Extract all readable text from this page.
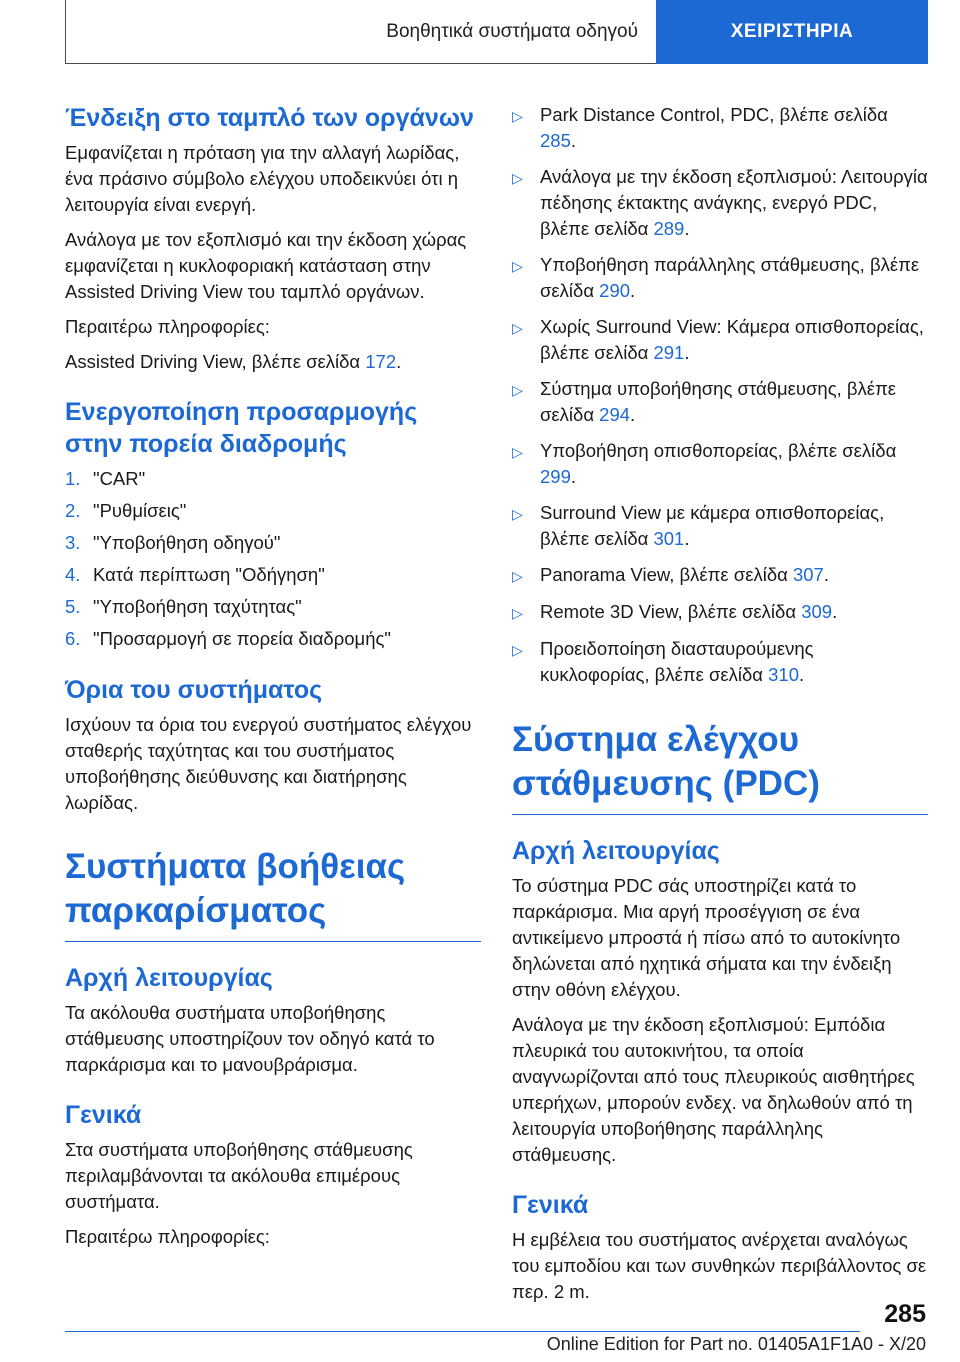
Βοηθητικά συστήματα οδηγού	ΧΕΙΡΙΣΤΗΡΙΑ
Ένδειξη στο ταμπλό των οργάνων

Εμφανίζεται η πρόταση για την αλλαγή λωρίδας, ένα πράσινο σύμβολο ελέγχου υποδεικνύει ότι η λειτουργία είναι ενεργή.

Ανάλογα με τον εξοπλισμό και την έκδοση χώρας εμφανίζεται η κυκλοφοριακή κατάσταση στην Assisted Driving View του ταμπλό οργάνων.

Περαιτέρω πληροφορίες:

Assisted Driving View, βλέπε σελίδα 172.

Ενεργοποίηση προσαρμογής στην πορεία διαδρομής
1. "CAR"
2. "Ρυθμίσεις"
3. "Υποβοήθηση οδηγού"
4. Κατά περίπτωση "Οδήγηση"
5. "Υποβοήθηση ταχύτητας"
6. "Προσαρμογή σε πορεία διαδρομής"
Όρια του συστήματος

Ισχύουν τα όρια του ενεργού συστήματος ελέγχου σταθερής ταχύτητας και του συστήματος υποβοήθησης διεύθυνσης και διατήρησης λωρίδας.

Συστήματα βοήθειας παρκαρίσματος
Αρχή λειτουργίας

Τα ακόλουθα συστήματα υποβοήθησης στάθμευσης υποστηρίζουν τον οδηγό κατά το παρκάρισμα και το μανουβράρισμα.

Γενικά

Στα συστήματα υποβοήθησης στάθμευσης περιλαμβάνονται τα ακόλουθα επιμέρους συστήματα.

Περαιτέρω πληροφορίες:

▷ Park Distance Control, PDC, βλέπε σελίδα 285.
▷ Ανάλογα με την έκδοση εξοπλισμού: Λειτουργία πέδησης έκτακτης ανάγκης, ενεργό PDC, βλέπε σελίδα 289.
▷ Υποβοήθηση παράλληλης στάθμευσης, βλέπε σελίδα 290.
▷ Χωρίς Surround View: Κάμερα οπισθοπορείας, βλέπε σελίδα 291.
▷ Σύστημα υποβοήθησης στάθμευσης, βλέπε σελίδα 294.
▷ Υποβοήθηση οπισθοπορείας, βλέπε σελίδα 299.
▷ Surround View με κάμερα οπισθοπορείας, βλέπε σελίδα 301.
▷ Panorama View, βλέπε σελίδα 307.
▷ Remote 3D View, βλέπε σελίδα 309.
▷ Προειδοποίηση διασταυρούμενης κυκλοφορίας, βλέπε σελίδα 310.
Σύστημα ελέγχου στάθμευσης (PDC)
Αρχή λειτουργίας

Το σύστημα PDC σάς υποστηρίζει κατά το παρκάρισμα. Μια αργή προσέγγιση σε ένα αντικείμενο μπροστά ή πίσω από το αυτοκίνητο δηλώνεται από ηχητικά σήματα και την ένδειξη στην οθόνη ελέγχου.

Ανάλογα με την έκδοση εξοπλισμού: Εμπόδια πλευρικά του αυτοκινήτου, τα οποία αναγνωρίζονται από τους πλευρικούς αισθητήρες υπερήχων, μπορούν ενδεχ. να δηλωθούν από τη λειτουργία υποβοήθησης παράλληλης στάθμευσης.

Γενικά

Η εμβέλεια του συστήματος ανέρχεται αναλόγως του εμποδίου και των συνθηκών περιβάλλοντος σε περ. 2 m.

285
Online Edition for Part no. 01405A1F1A0 - X/20
